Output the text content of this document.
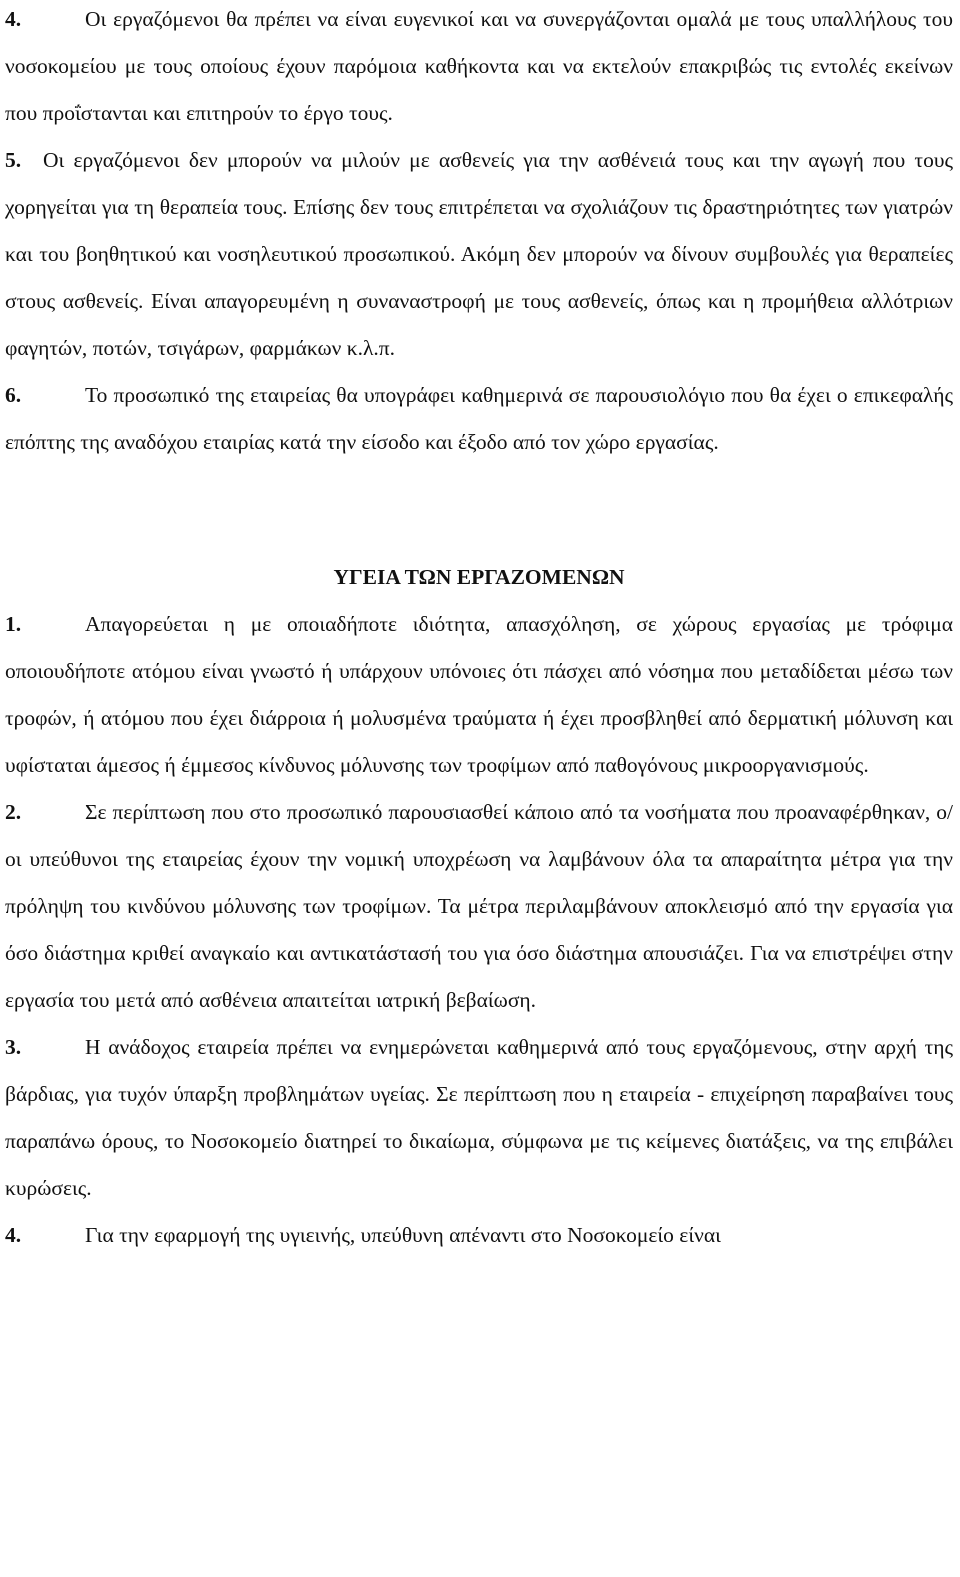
4.	Οι εργαζόμενοι θα πρέπει να είναι ευγενικοί και να συνεργάζονται ομαλά με τους υπαλλήλους του νοσοκομείου με τους οποίους έχουν παρόμοια καθήκοντα και να εκτελούν επακριβώς τις εντολές εκείνων που προΐστανται και επιτηρούν το έργο τους.

5. Οι εργαζόμενοι δεν μπορούν να μιλούν με ασθενείς για την ασθένειά τους και την αγωγή που τους χορηγείται για τη θεραπεία τους. Επίσης δεν τους επιτρέπεται να σχολιάζουν τις δραστηριότητες των γιατρών και του βοηθητικού και νοσηλευτικού προσωπικού. Ακόμη δεν μπορούν να δίνουν συμβουλές για θεραπείες στους ασθενείς. Είναι απαγορευμένη η συναναστροφή με τους ασθενείς, όπως και η προμήθεια αλλότριων φαγητών, ποτών, τσιγάρων, φαρμάκων κ.λ.π.

6.	Το προσωπικό της εταιρείας θα υπογράφει καθημερινά σε παρουσιολόγιο που θα έχει ο επικεφαλής επόπτης της αναδόχου εταιρίας κατά την είσοδο και έξοδο από τον χώρο εργασίας.

ΥΓΕΙΑ ΤΩΝ ΕΡΓΑΖΟΜΕΝΩΝ

1.	Απαγορεύεται η με οποιαδήποτε ιδιότητα, απασχόληση, σε χώρους εργασίας με τρόφιμα οποιουδήποτε ατόμου είναι γνωστό ή υπάρχουν υπόνοιες ότι πάσχει από νόσημα που μεταδίδεται μέσω των τροφών, ή ατόμου που έχει διάρροια ή μολυσμένα τραύματα ή έχει προσβληθεί από δερματική μόλυνση και υφίσταται άμεσος ή έμμεσος κίνδυνος μόλυνσης των τροφίμων από παθογόνους μικροοργανισμούς.

2.	Σε περίπτωση που στο προσωπικό παρουσιασθεί κάποιο από τα νοσήματα που προαναφέρθηκαν, ο/οι υπεύθυνοι της εταιρείας έχουν την νομική υποχρέωση να λαμβάνουν όλα τα απαραίτητα μέτρα για την πρόληψη του κινδύνου μόλυνσης των τροφίμων. Τα μέτρα περιλαμβάνουν αποκλεισμό από την εργασία για όσο διάστημα κριθεί αναγκαίο και αντικατάστασή του για όσο διάστημα απουσιάζει. Για να επιστρέψει στην εργασία του μετά από ασθένεια απαιτείται ιατρική βεβαίωση.

3.	Η ανάδοχος εταιρεία πρέπει να ενημερώνεται καθημερινά από τους εργαζόμενους, στην αρχή της βάρδιας, για τυχόν ύπαρξη προβλημάτων υγείας. Σε περίπτωση που η εταιρεία - επιχείρηση παραβαίνει τους παραπάνω όρους, το Νοσοκομείο διατηρεί το δικαίωμα, σύμφωνα με τις κείμενες διατάξεις, να της επιβάλει κυρώσεις.

4.	Για την εφαρμογή της υγιεινής, υπεύθυνη απέναντι στο Νοσοκομείο είναι
